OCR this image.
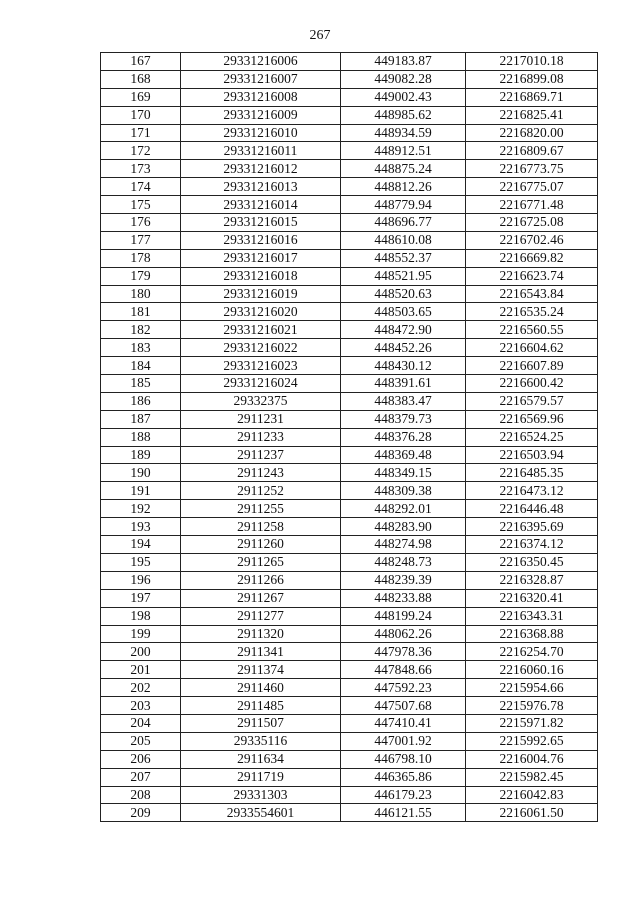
267
167	29331216006	449183.87	2217010.18
168	29331216007	449082.28	2216899.08
169	29331216008	449002.43	2216869.71
170	29331216009	448985.62	2216825.41
171	29331216010	448934.59	2216820.00
172	29331216011	448912.51	2216809.67
173	29331216012	448875.24	2216773.75
174	29331216013	448812.26	2216775.07
175	29331216014	448779.94	2216771.48
176	29331216015	448696.77	2216725.08
177	29331216016	448610.08	2216702.46
178	29331216017	448552.37	2216669.82
179	29331216018	448521.95	2216623.74
180	29331216019	448520.63	2216543.84
181	29331216020	448503.65	2216535.24
182	29331216021	448472.90	2216560.55
183	29331216022	448452.26	2216604.62
184	29331216023	448430.12	2216607.89
185	29331216024	448391.61	2216600.42
186	29332375	448383.47	2216579.57
187	2911231	448379.73	2216569.96
188	2911233	448376.28	2216524.25
189	2911237	448369.48	2216503.94
190	2911243	448349.15	2216485.35
191	2911252	448309.38	2216473.12
192	2911255	448292.01	2216446.48
193	2911258	448283.90	2216395.69
194	2911260	448274.98	2216374.12
195	2911265	448248.73	2216350.45
196	2911266	448239.39	2216328.87
197	2911267	448233.88	2216320.41
198	2911277	448199.24	2216343.31
199	2911320	448062.26	2216368.88
200	2911341	447978.36	2216254.70
201	2911374	447848.66	2216060.16
202	2911460	447592.23	2215954.66
203	2911485	447507.68	2215976.78
204	2911507	447410.41	2215971.82
205	29335116	447001.92	2215992.65
206	2911634	446798.10	2216004.76
207	2911719	446365.86	2215982.45
208	29331303	446179.23	2216042.83
209	2933554601	446121.55	2216061.50
